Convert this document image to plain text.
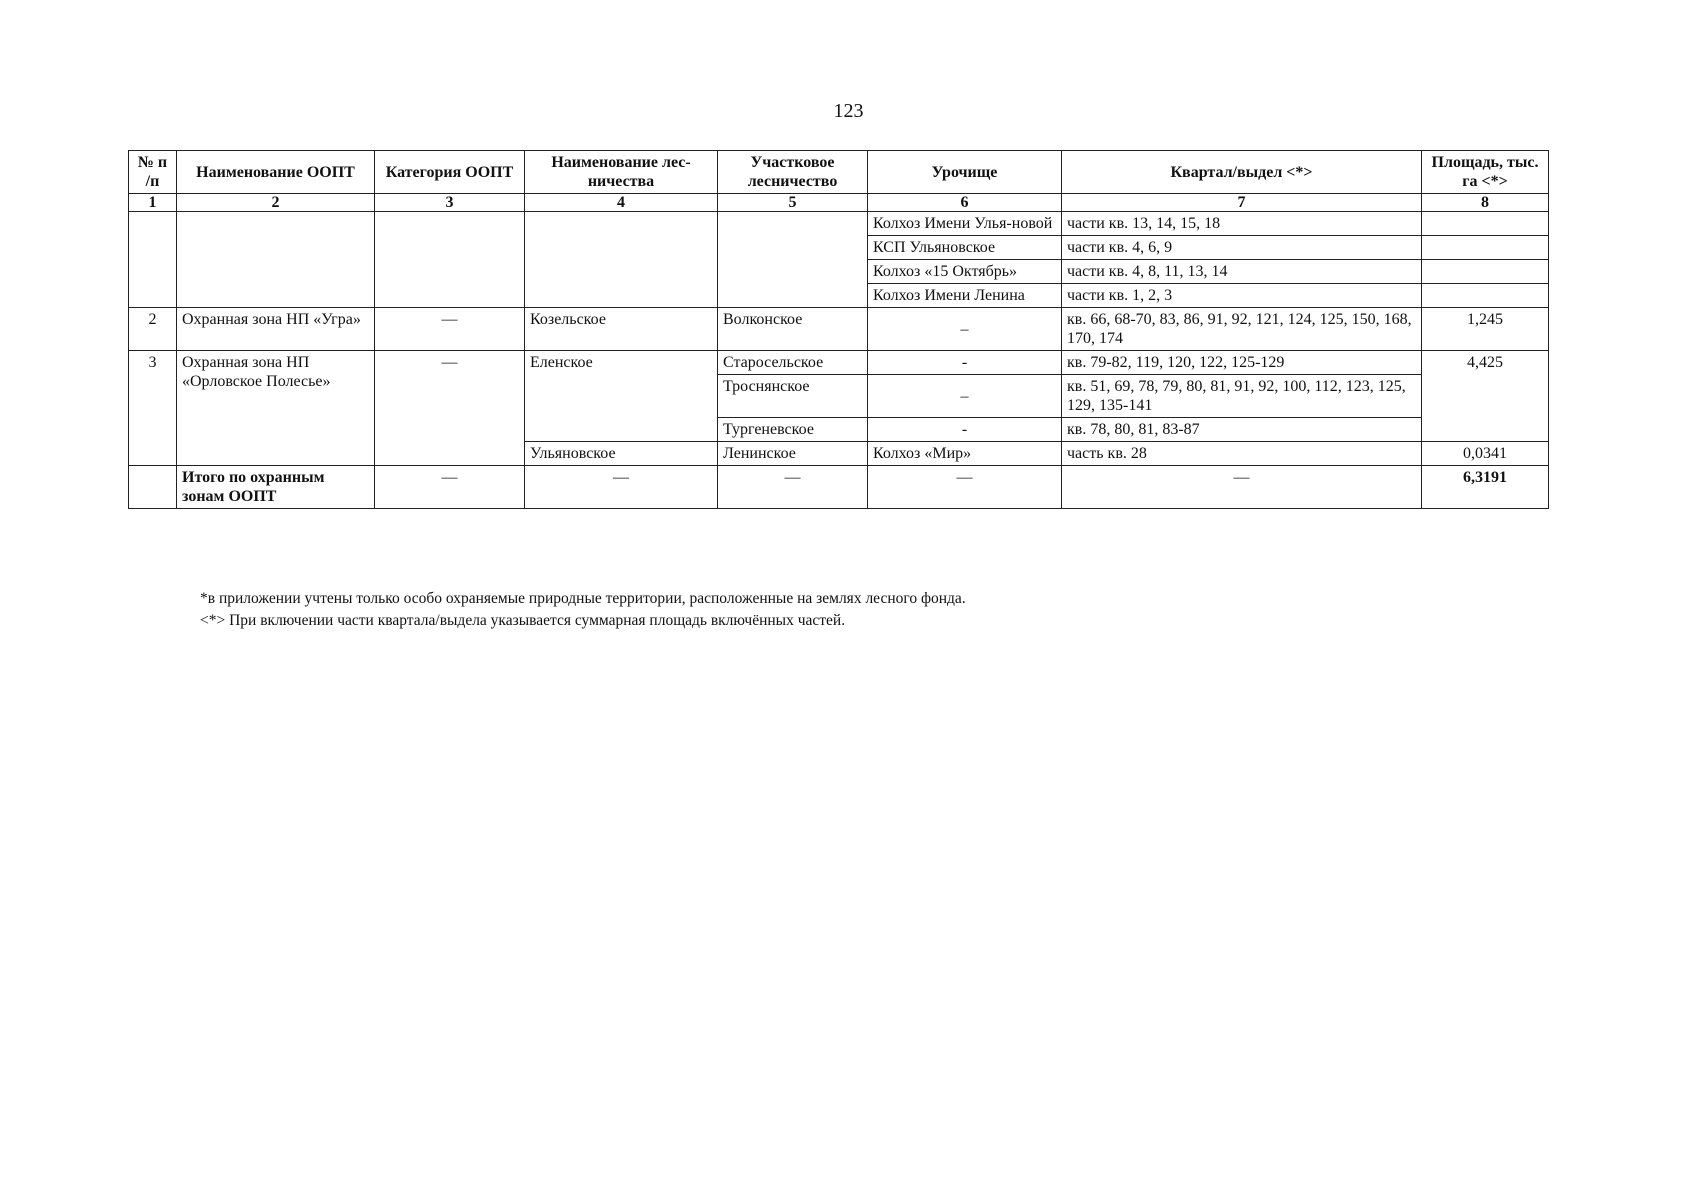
123
№ п /п	Наименование ООПТ	Категория ООПТ	Наименование лес-ничества	Участковое лесничество	Урочище	Квартал/выдел <*>	Площадь, тыс. га <*>
1	2	3	4	5	6	7	8
					Колхоз Имени Улья-новой	части кв. 13, 14, 15, 18	
					КСП Ульяновское	части кв. 4, 6, 9	
					Колхоз «15 Октябрь»	части кв. 4, 8, 11, 13, 14	
					Колхоз Имени Ленина	части кв. 1, 2, 3	
2	Охранная зона НП «Угра»	—	Козельское	Волконское	–	кв. 66, 68-70, 83, 86, 91, 92, 121, 124, 125, 150, 168, 170, 174	1,245
3	Охранная зона НП «Орловское Полесье»	—	Еленское	Старосельское	-	кв. 79-82, 119, 120, 122, 125-129	4,425
				Троснянское	–	кв. 51, 69, 78, 79, 80, 81, 91, 92, 100, 112, 123, 125, 129, 135-141	
				Тургеневское	-	кв. 78, 80, 81, 83-87	
			Ульяновское	Ленинское	Колхоз «Мир»	часть кв. 28	0,0341
	Итого по охранным зонам ООПТ	—	—	—	—	—	6,3191
*в приложении учтены только особо охраняемые природные территории, расположенные на землях лесного фонда.
<*> При включении части квартала/выдела указывается суммарная площадь включённых частей.
